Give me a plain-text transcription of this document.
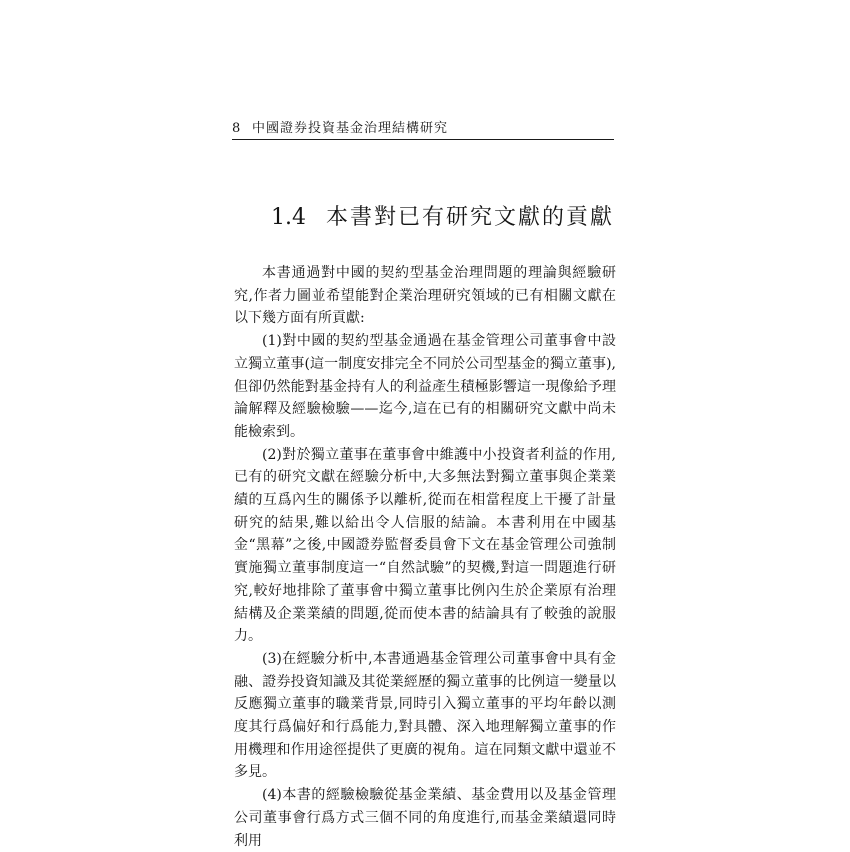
8 中國證券投資基金治理結構研究
1.4 本書對已有研究文獻的貢獻

本書通過對中國的契約型基金治理問題的理論與經驗研究,作者力圖並希望能對企業治理研究領域的已有相關文獻在以下幾方面有所貢獻:

(1)對中國的契約型基金通過在基金管理公司董事會中設立獨立董事(這一制度安排完全不同於公司型基金的獨立董事),但卻仍然能對基金持有人的利益產生積極影響這一現像給予理論解釋及經驗檢驗——迄今,這在已有的相關研究文獻中尚未能檢索到。

(2)對於獨立董事在董事會中維護中小投資者利益的作用,已有的研究文獻在經驗分析中,大多無法對獨立董事與企業業績的互爲內生的關係予以離析,從而在相當程度上干擾了計量研究的結果,難以給出令人信服的結論。本書利用在中國基金“黑幕”之後,中國證券監督委員會下文在基金管理公司強制實施獨立董事制度這一“自然試驗”的契機,對這一問題進行研究,較好地排除了董事會中獨立董事比例內生於企業原有治理結構及企業業績的問題,從而使本書的結論具有了較強的說服力。

(3)在經驗分析中,本書通過基金管理公司董事會中具有金融、證券投資知識及其從業經歷的獨立董事的比例這一變量以反應獨立董事的職業背景,同時引入獨立董事的平均年齡以測度其行爲偏好和行爲能力,對具體、深入地理解獨立董事的作用機理和作用途徑提供了更廣的視角。這在同類文獻中還並不多見。

(4)本書的經驗檢驗從基金業績、基金費用以及基金管理公司董事會行爲方式三個不同的角度進行,而基金業績還同時利用
